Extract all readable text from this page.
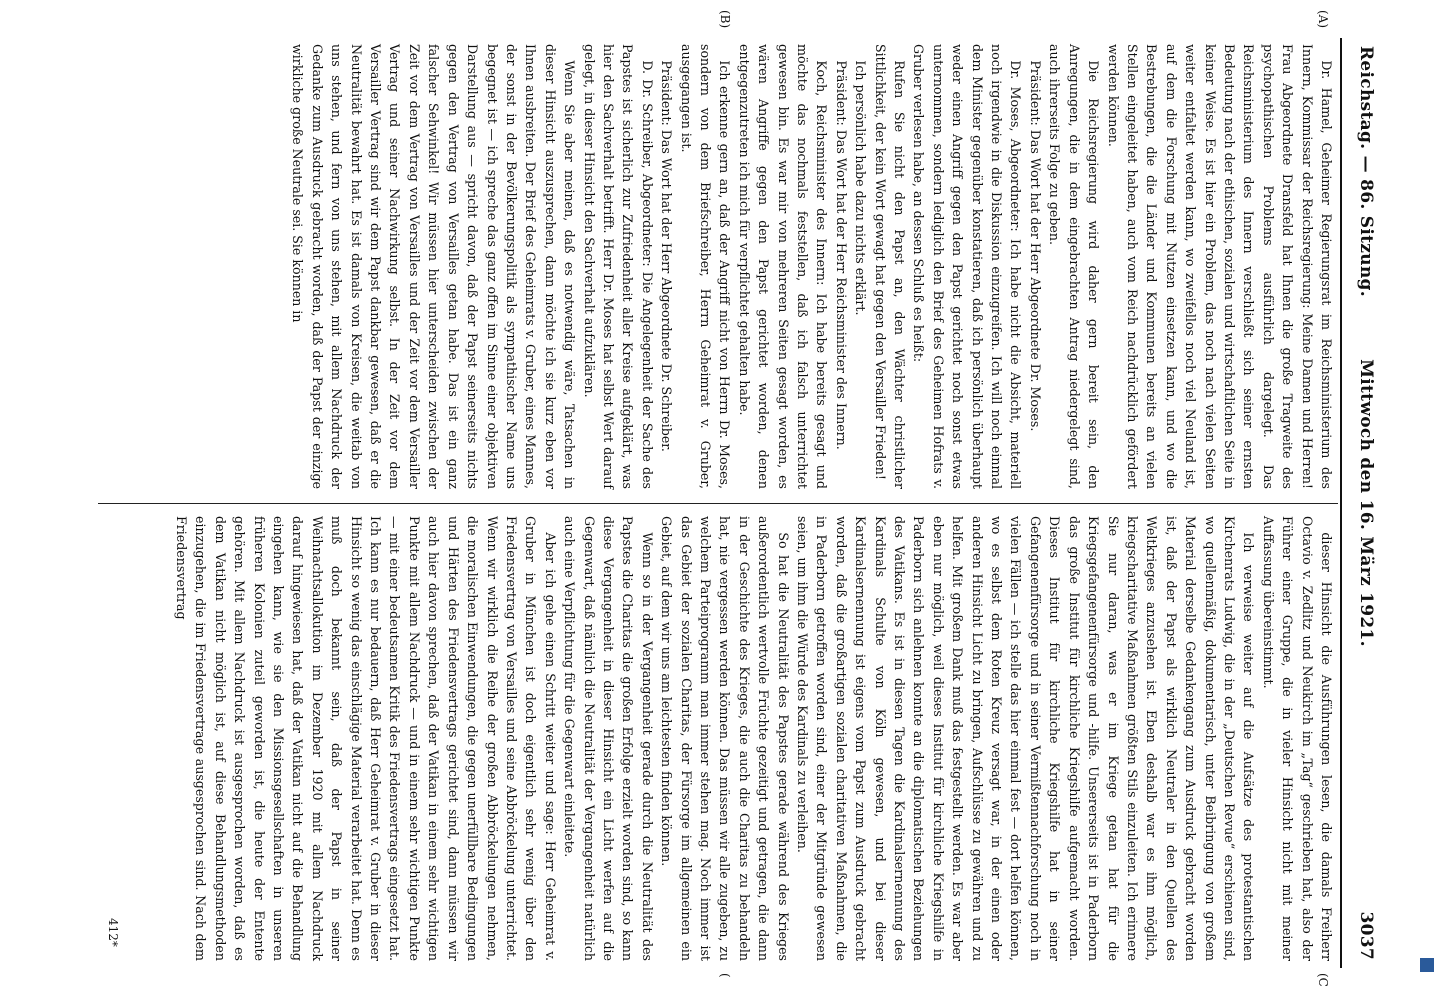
Reichstag. — 86. Sitzung.
Mittwoch den 16. März 1921.
3037

Dr. Hamel, Geheimer Regierungsrat im Reichsministerium des Innern, Kommissar der Reichsregierung: Meine Damen und Herren! Frau Abgeordnete Dransfeld hat Ihnen die große Tragweite des psychopathischen Problems ausführlich dargelegt. Das Reichsministerium des Innern verschließt sich seiner ernsten Bedeutung nach der ethischen, sozialen und wirtschaftlichen Seite in keiner Weise. Es ist hier ein Problem, das noch nach vielen Seiten weiter entfaltet werden kann, wo zweifellos noch viel Neuland ist, auf dem die Forschung mit Nutzen einsetzen kann, und wo die Bestrebungen, die die Länder und Kommunen bereits an vielen Stellen eingeleitet haben, auch vom Reich nachdrücklich gefördert werden können.

Die Reichsregierung wird daher gern bereit sein, den Anregungen, die in dem eingebrachten Antrag niedergelegt sind, auch ihrerseits Folge zu geben.

Präsident: Das Wort hat der Herr Abgeordnete Dr. Moses.

Dr. Moses, Abgeordneter: Ich habe nicht die Absicht, materiell noch irgendwie in die Diskussion einzugreifen. Ich will noch einmal dem Minister gegenüber konstatieren, daß ich persönlich überhaupt weder einen Angriff gegen den Papst gerichtet noch sonst etwas unternommen, sondern lediglich den Brief des Geheimen Hofrats v. Gruber verlesen habe, an dessen Schluß es heißt:

Rufen Sie nicht den Papst an, den Wächter christlicher Sittlichkeit, der kein Wort gewagt hat gegen den Versailler Frieden!

Ich persönlich habe dazu nichts erklärt.

Präsident: Das Wort hat der Herr Reichsminister des Innern.

Koch, Reichsminister des Innern: Ich habe bereits gesagt und möchte das nochmals feststellen, daß ich falsch unterrichtet gewesen bin. Es war mir von mehreren Seiten gesagt worden, es wären Angriffe gegen den Papst gerichtet worden, denen entgegenzutreten ich mich für verpflichtet gehalten habe.

Ich erkenne gern an, daß der Angriff nicht von Herrn Dr. Moses, sondern von dem Briefschreiber, Herrn Geheimrat v. Gruber, ausgegangen ist.

Präsident: Das Wort hat der Herr Abgeordnete Dr. Schreiber.

D. Dr. Schreiber, Abgeordneter: Die Angelegenheit der Sache des Papstes ist sicherlich zur Zufriedenheit aller Kreise aufgeklärt, was hier den Sachverhalt betrifft. Herr Dr. Moses hat selbst Wert darauf gelegt, in dieser Hinsicht den Sachverhalt aufzuklären.

Wenn Sie aber meinen, daß es notwendig wäre, Tatsachen in dieser Hinsicht auszusprechen, dann möchte ich sie kurz eben vor Ihnen ausbreiten. Der Brief des Geheimrats v. Gruber, eines Mannes, der sonst in der Bevölkerungspolitik als sympathischer Name uns begegnet ist — ich spreche das ganz offen im Sinne einer objektiven Darstellung aus — spricht davon, daß der Papst seinerseits nichts gegen den Vertrag von Versailles getan habe. Das ist ein ganz falscher Sehwinkel! Wir müssen hier unterscheiden zwischen der Zeit vor dem Vertrag von Versailles und der Zeit vor dem Versailler Vertrag und seiner Nachwirkung selbst. In der Zeit vor dem Versailler Vertrag sind wir dem Papst dankbar gewesen, daß er die Neutralität bewahrt hat. Es ist damals von Kreisen, die weitab von uns stehen, und fern von uns stehen, mit allem Nachdruck der Gedanke zum Ausdruck gebracht worden, daß der Papst der einzige wirkliche große Neutrale sei. Sie können in

dieser Hinsicht die Ausführungen lesen, die damals Freiherr Octavio v. Zedlitz und Neukirch im „Tag“ geschrieben hat, also der Führer einer Gruppe, die in vieler Hinsicht nicht mit meiner Auffassung übereinstimmt.

Ich verweise weiter auf die Aufsätze des protestantischen Kirchenrats Ludwig, die in der „Deutschen Revue“ erschienen sind, wo quellenmäßig, dokumentarisch, unter Beibringung von großem Material derselbe Gedankengang zum Ausdruck gebracht worden ist, daß der Papst als wirklich Neutraler in den Quellen des Weltkrieges anzusehen ist. Eben deshalb war es ihm möglich, kriegscharitative Maßnahmen größten Stils einzuleiten. Ich erinnere Sie nur daran, was er im Kriege getan hat für die Kriegsgefangenenfürsorge und -hilfe. Unsererseits ist in Paderborn das große Institut für kirchliche Kriegshilfe aufgemacht worden. Dieses Institut für kirchliche Kriegshilfe hat in seiner Gefangenenfürsorge und in seiner Vermißtennachforschung noch in vielen Fällen — ich stelle das hier einmal fest — dort helfen können, wo es selbst dem Roten Kreuz versagt war, in der einen oder anderen Hinsicht Licht zu bringen, Aufschlüsse zu gewähren und zu helfen. Mit großem Dank muß das festgestellt werden. Es war aber eben nur möglich, weil dieses Institut für kirchliche Kriegshilfe in Paderborn sich anlehnen konnte an die diplomatischen Beziehungen des Vatikans. Es ist in diesen Tagen die Kardinalsernennung des Kardinals Schulte von Köln gewesen, und bei dieser Kardinalsernennung ist eigens vom Papst zum Ausdruck gebracht worden, daß die großartigen sozialen charitativen Maßnahmen, die in Paderborn getroffen worden sind, einer der Mitgründe gewesen seien, um ihm die Würde des Kardinals zu verleihen.

So hat die Neutralität des Papstes gerade während des Krieges außerordentlich wertvolle Früchte gezeitigt und getragen, die dann in der Geschichte des Krieges, die auch die Charitas zu behandeln hat, nie vergessen werden können. Das müssen wir alle zugeben, zu welchem Parteiprogramm man immer stehen mag. Noch immer ist das Gebiet der sozialen Charitas, der Fürsorge im allgemeinen ein Gebiet, auf dem wir uns am leichtesten finden können.

Wenn so in der Vergangenheit gerade durch die Neutralität des Papstes die Charitas die großen Erfolge erzielt worden sind, so kann diese Vergangenheit in dieser Hinsicht ein Licht werfen auf die Gegenwart, daß nämlich die Neutralität der Vergangenheit natürlich auch eine Verpflichtung für die Gegenwart einleitete.

Aber ich gehe einen Schritt weiter und sage: Herr Geheimrat v. Gruber in München ist doch eigentlich sehr wenig über den Friedensvertrag von Versailles und seine Abbröckelung unterrichtet. Wenn wir wirklich die Reihe der großen Abbröckelungen nehmen, die moralischen Einwendungen, die gegen unerfüllbare Bedingungen und Härten des Friedensvertrags gerichtet sind, dann müssen wir auch hier davon sprechen, daß der Vatikan in einem sehr wichtigen Punkte mit allem Nachdruck — und in einem sehr wichtigen Punkte — mit einer bedeutsamen Kritik des Friedensvertrags eingesetzt hat. Ich kann es nur bedauern, daß Herr Geheimrat v. Gruber in dieser Hinsicht so wenig das einschlägige Material verarbeitet hat. Denn es muß doch bekannt sein, daß der Papst in seiner Weihnachtsallokution im Dezember 1920 mit allem Nachdruck darauf hingewiesen hat, daß der Vatikan nicht auf die Behandlung eingehen kann, wie sie den Missionsgesellschaften in unseren früheren Kolonien zuteil geworden ist, die heute der Entente gehören. Mit allem Nachdruck ist ausgesprochen worden, daß es dem Vatikan nicht möglich ist, auf diese Behandlungsmethoden einzugehen, die im Friedensvertrage ausgesprochen sind. Nach dem Friedensvertrag

(A)
(B)
(C
(
412*
